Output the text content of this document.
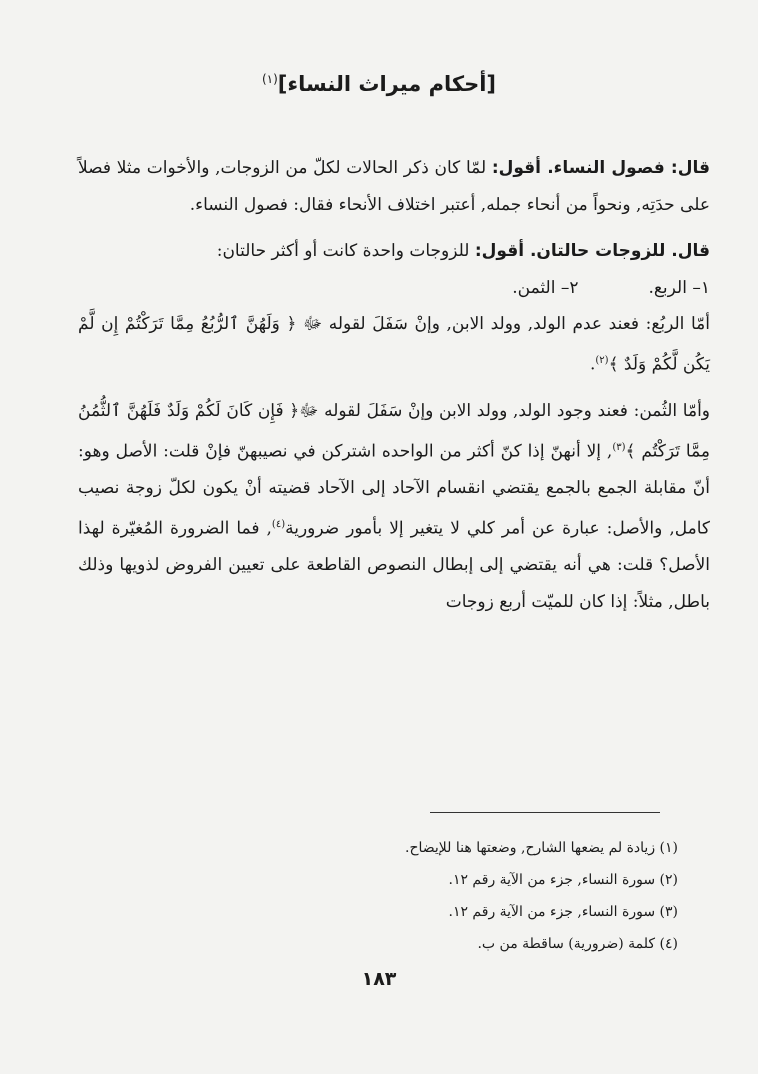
[أحكام ميراث النساء]$^{(١)}$

قال: فصول النساء. أقول: لمّا كان ذكر الحالات لكلّ من الزوجات, والأخوات مثلا فصلاً على حدَتِه, ونحواً من أنحاء جمله, أعتبر اختلاف الأنحاء فقال: فصول النساء.

قال. للزوجات حالتان. أقول: للزوجات واحدة كانت أو أكثر حالتان:

١– الربع.
٢– الثمن.

أمّا الربُع: فعند عدم الولد, وولد الابن, وإنْ سَفَلَ لقوله ﷻ ﴿ وَلَهُنَّ ٱلرُّبُعُ مِمَّا تَرَكْتُمْ إِن لَّمْ يَكُن لَّكُمْ وَلَدٌ ﴾$^{(٢)}$.

وأمّا الثُمن: فعند وجود الولد, وولد الابن وإنْ سَفَلَ لقوله ﷻ﴿ فَإِن كَانَ لَكُمْ وَلَدٌ فَلَهُنَّ ٱلثُّمُنُ مِمَّا تَرَكْتُم ﴾$^{(٣)}$, إلا أنهنّ إذا كنّ أكثر من الواحده اشتركن في نصيبهنّ فإنْ قلت: الأصل وهو: أنّ مقابلة الجمع بالجمع يقتضي انقسام الآحاد إلى الآحاد قضيته أنْ يكون لكلّ زوجة نصيب كامل, والأصل: عبارة عن أمر كلي لا يتغير إلا بأمور ضرورية$^{(٤)}$, فما الضرورة المُغيّرة لهذا الأصل؟ قلت: هي أنه يقتضي إلى إبطال النصوص القاطعة على تعيين الفروض لذويها وذلك باطل, مثلاً: إذا كان للميّت أربع زوجات

(١) زيادة لم يضعها الشارح, وضعتها هنا للإيضاح.
(٢) سورة النساء, جزء من الآية رقم ١٢.
(٣) سورة النساء, جزء من الآية رقم ١٢.
(٤) كلمة (ضرورية) ساقطة من ب.
١٨٣
